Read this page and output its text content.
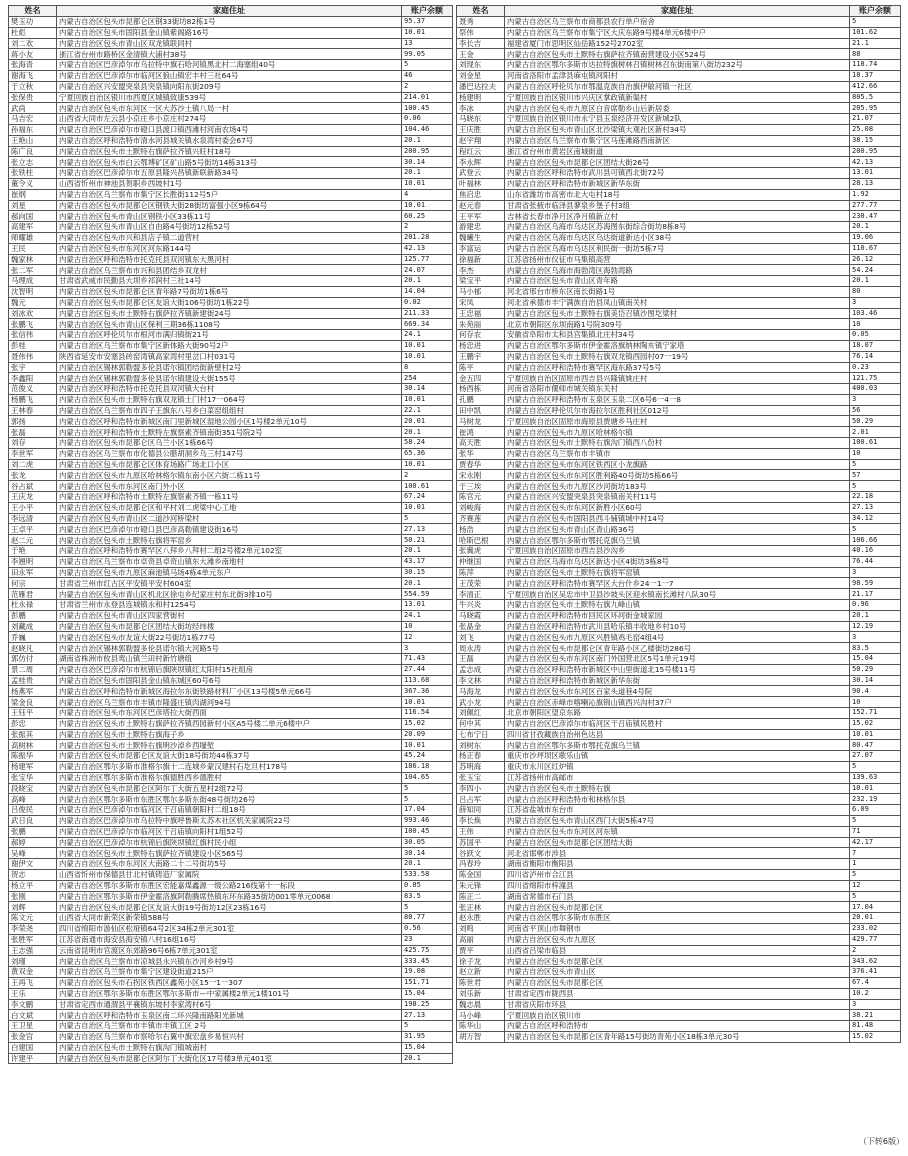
姓名	家庭住址	账户余额
樊玉功	内蒙古自治区包头市昆都仑区钢33街坊82栋1号	95.37
杜彪	内蒙古自治区包头市固阳县金山镇紫阁路16号	10.01
刘二欢	内蒙古自治区包头市青山区双龙镇联同村	13
蒋小友	浙江省台州市路桥区金清镇大浦村38号	99.05
张海青	内蒙古自治区巴彦淖尔市乌拉特中旗石哈河镇黑北村二海塞组40号	5
谢海飞	内蒙古自治区巴彦淖尔市临河区狼山镇宏丰村三社64号	46
于立秋	内蒙古自治区兴安盟突泉县突泉镇向阳东街209号	2
张保贵	宁夏回族自治区银川市西夏区城镇致康539号	214.01
武尚	内蒙古自治区包头市东河区一区大苏沙土镇八局一村	100.45
马吉宏	山西省大同市左云县小京庄乡小京庄村274号	0.06
孙福东	内蒙古自治区巴彦淖尔市磴口县渡口镇西滩村河南农场4号	104.46
王艳山	内蒙古自治区呼和浩特市清水河县城关镇水泉湾村委会67号	20.1
陈广良	内蒙古自治区包头市土默特右旗萨拉齐镇兴旺村18号	200.95
张立志	内蒙古自治区包头市白云鄂博矿区矿山路5号街坊14栋313号	30.14
张铁柱	内蒙古自治区巴彦淖尔市五原县隆兴昌镇新联新路34号	20.1
董令义	山西省忻州市神池县贺职乡西坡村1号	10.01
崔纲	内蒙古自治区乌兰察布市集宁区长胜街112号5户	4
刘星	内蒙古自治区包头市昆都仑区钢铁大街28街坊富强小区9栋64号	10.01
郝向国	内蒙古自治区包头市青山区钢铁小区33栋11号	60.25
高建军	内蒙古自治区包头市青山区自由路4号街坊12栋52号	2
师耀雄	内蒙古自治区包头市兴和县店子镇二道营村	201.28
王民	内蒙古自治区包头市东河区河东路144号	42.13
魏家林	内蒙古自治区呼和浩特市托克托县双河镇东大黑河村	125.77
张二军	内蒙古自治区乌兰察布市兴和县团结乡双龙村	24.07
马理成	甘肃省武威市民勤县大坝乡祁润村三社14号	20.1
沈智明	内蒙古自治区包头市昆都仑区青年路7号街坊1栋6号	14.04
魏元	内蒙古自治区包头市昆都仑区友谊大街106号街坊1栋22号	0.02
刘冰欢	内蒙古自治区包头市土默特右旗萨拉齐镇新建街24号	211.33
张鹏飞	内蒙古自治区包头市青山区保利三期36栋1108号	669.34
张信伟	内蒙古自治区呼伦贝尔市根河市满归镇街21号	24.1
彭桂	内蒙古自治区乌兰察布市集宁区新体路大街90号2户	10.01
聂伟伟	陕西省延安市安塞县砖窑湾镇高家湾村里岔口村031号	10.01
张宇	内蒙古自治区锡林郭勒盟多伦县诺尔镇团结街新壁村2号	8
李鑫阳	内蒙古自治区锡林郭勒盟多伦县诺尔镇建设大街155号	254
范俊义	内蒙古自治区呼和浩特市托克托县双河镇大台村	30.14
杨鹏飞	内蒙古自治区包头市土默特右旗双龙镇土门村17一064号	10.01
王林春	内蒙古自治区乌兰察布市四子王旗东八号乡白菜窑组组村	22.1
郭扬	内蒙古自治区呼和浩特市新城区南门里新城区湿地公园小区1号楼2单元10号	20.01
张磊	内蒙古自治区呼和浩特市土默特左旗察素齐镇南街351号院2号	20.1
刘存	内蒙古自治区包头市昆都仑区乌兰小区1栋66号	58.24
李世军	内蒙古自治区乌兰察布市化德县公腊胡洞乡乌三村147号	65.36
刘二虎	内蒙古自治区包头市昆都仑区体育场路广场北口小区	10.01
张龙	内蒙古自治区包头市九原区哈林格尔镇东南小区六街二栋11号	2
谷占斌	内蒙古自治区包头市东河区南门外小区	100.61
王庆龙	内蒙古自治区呼和浩特市土默特左旗察素齐镇一栋11号	67.24
王小平	内蒙古自治区包头市昆都仑区和平村刘二虎梁中心工地	10.01
李远清	内蒙古自治区包头市青山区二道沙河桥梁村	5
王卓平	内蒙古自治区巴彦淖尔市磴口县巴彦高勒镇建设街16号	27.13
赵二元	内蒙古自治区包头市土默特右旗将军窑乡	50.21
于艳	内蒙古自治区呼和浩特市赛罕区八拜乡八拜村二组2号楼2单元102室	20.1
李翘明	内蒙古自治区乌兰察布市卓资县卓资山镇东大滩乡南地村	43.17
田永军	内蒙古自治区包头市九原区麻池镇马场4栋4单元东户	30.15
何宗	甘肃省兰州市红古区平安镇平安村604室	20.1
范雁君	内蒙古自治区包头市青山区机北区徐屯乡纪家庄村东北街3排10号	554.59
杜永禄	甘肃省兰州市永登县连城镇永和村1254号	13.01
彭鹏	内蒙古自治区包头市青山区四家营街村	24.1
刘藏成	内蒙古自治区包头市昆都仑区团结大街坊经纬楼	10
乔巍	内蒙古自治区包头市友谊大街22号街坊1栋77号	12
赵晓凡	内蒙古自治区锡林郭勒盟多伦县诺尔镇大河路5号	3
郭仿付	湖南省株洲市攸县鸾山镇兰田村新竹塘组	71.43
景二周	内蒙古自治区巴彦淖尔市杭锦后旗陕坝镇红太阳村15社组房	27.44
孟桂贵	内蒙古自治区包头市固阳县金山镇东城区60号6号	113.68
杨燕军	内蒙古自治区呼和浩特市新城区海拉尔东街铁路材料厂小区13号楼5单元66号	367.36
梁金良	内蒙古自治区乌兰察布市丰镇市隆盛庄镇肉湖河94号	10.01
王钰平	内蒙古自治区包头市东河区巴彦塔拉大街西面	116.54
彭忠	内蒙古自治区包头市土默特右旗萨拉齐镇西园新村小区A5号楼二单元6楼中户	15.02
张振其	内蒙古自治区包头市土默特右旗海子乡	20.09
高树林	内蒙古自治区包头市土默特右旗明沙淖乡西壕堑	10.01
陈振华	内蒙古自治区包头市昆都仑区友谊大街18号街坊44栋37号	45.24
杨建军	内蒙古自治区鄂尔多斯市准格尔旗十二连城乡蒙汉建村石圪旦村178号	186.18
张宝华	内蒙古自治区鄂尔多斯市准格尔旗德胜西乡德胜村	104.65
段晓宝	内蒙古自治区包头市昆都仑区阿尔丁大街五星村2组72号	5
高峰	内蒙古自治区鄂尔多斯市东胜区鄂尔多斯东街48号街坊26号	5
吕俊民	内蒙古自治区巴彦淖尔市临河区干召庙镇朝阳村二组18号	17.04
武日良	内蒙古自治区巴彦淖尔市乌拉特中旗呼鲁斯太苏木社区机关家属院22号	993.46
张鹏	内蒙古自治区巴彦淖尔市临河区干召庙镇向阳村1组52号	100.45
郝婷	内蒙古自治区巴彦淖尔市杭锦后旗陕坝镇红旗村民小组	30.05
吴峰	内蒙古自治区包头市土默特右旗萨拉齐镇建设小区565号	30.14
谢伊文	内蒙古自治区包头市东河区大南路二十二号街坊5号	20.1
贺志	山西省忻州市保德县甘北村镇铸造厂家属院	533.58
杨立平	内蒙古自治区鄂尔多斯市东胜区宏能嘉煤鑫源一级公路216线第十一标段	0.05
张刚	内蒙古自治区鄂尔多斯市伊金霍洛旗阿勒腾席热镇东环东路35街坊001零单元0068	83.5
刘辉	内蒙古自治区包头市昆都仑区友谊大街19号街坊12区23栋16号	5
陈文元	山西省大同市新荣区新荣镇588号	80.77
李荣尧	四川省绵阳市游仙区松垭镇64号2区34栋2单元301室	0.56
张胜军	江苏省南通市海安县海安镇八村16组16号	23
王志强	云南省昆明市官渡区东郊路96号6栋7单元301室	425.75
刘瑾	内蒙古自治区乌兰察布市凉城县永兴镇东沙河乡村9号	333.45
黄双金	内蒙古自治区乌兰察布市集宁区建设街道215户	19.08
王再飞	内蒙古自治区包头市石拐区铁西区鑫苑小区15一1一307	151.71
王乐	内蒙古自治区鄂尔多斯市东胜区鄂尔多斯市—中家属楼2单元1楼101号	15.04
李文鹏	甘肃省定西市通渭县平襄镇东坡村李家湾村6号	198.25
白文斌	内蒙古自治区呼和浩特市玉泉区南二环兴隆南路阳光新城	27.13
王卫星	内蒙古自治区乌兰察布市丰镇市丰镇工区 2号	5
张金宫	内蒙古自治区乌兰察布市察哈尔右翼中旗宏盘乡易恒兴村	31.95
白建国	内蒙古自治区包头市土默特右旗沟门镇城南村	15.04
许建平	内蒙古自治区包头市昆都仑区阿尔丁大街化区17号楼3单元401室	20.1
姓名	家庭住址	账户余额
聂秀	内蒙古自治区乌兰察布市商都县农行单户宿舍	5
祭伟	内蒙古自治区乌兰察布市集宁区大庆东路9号楼4单元6楼中户	101.62
李长吉	福建省厦门市思明区仙岳路152号2702室	21.1
王金	内蒙古自治区包头市土默特右旗萨拉齐镇南营建设小区524号	88
刘现东	内蒙古自治区鄂尔多斯市达拉特旗树林召镇树林召东街南第八街坊232号	118.74
刘金星	河南省洛阳市孟津县麻屯镇河阳村	18.37
潘巴达拉夫	内蒙古自治区呼伦贝尔市鄂温克族自治旗伊敏河镇一社区	412.66
杨建明	宁夏回族自治区银川市兴庆区掌政镇新渠村	805.5
李冰	内蒙古自治区包头市九原区白音席勒乡山后新居委	205.95
马晓东	宁夏回族自治区银川市永宁县玉泉经济开发区新城2队	21.07
王庆胜	内蒙古自治区包头市青山区北沙梁镇大观社区新村34号	25.08
赵宇翔	内蒙古自治区乌兰察布市集宁区马莲滩路西南新区	38.15
程红云	浙江省台州市黄岩区南城街道	200.95
李永辉	内蒙古自治区包头市昆都仑区团结大街26号	42.13
武登云	内蒙古自治区呼和浩特市武川县可镇西北街72号	13.01
叶福林	内蒙古自治区呼和浩特市新城区新华东街	28.13
焦启忠	山东省潍坊市高密市北大屯村18号	1.92
赵元春	甘肃省张掖市临泽县蓼泉乡堡子村3组	277.77
王平军	吉林省长春市净月区净月镇新立村	230.47
游建忠	内蒙古自治区乌海市乌达区苏海图东街综合街坊8栋8号	20.1
魏曦生	内蒙古自治区乌海市乌达区乌达街道新达小区38号	19.06
李富运	内蒙古自治区乌海市乌达区利民街一街坊5栋7号	110.67
徐福新	江苏省扬州市仪征市马集镇高营	26.12
李杰	内蒙古自治区乌海市海勃湾区海勃湾路	54.24
梁宝平	内蒙古自治区包头市青山区青年路	20.1
马小郁	河北省邢台市桥东区南长街路1号	80
宋凤	河北省承德市丰宁满族自治县凤山镇南关村	3
王忠福	内蒙古自治区包头市土默特右旗美岱召镇沙图圪梁村	103.46
朱苑丽	北京市朝阳区东坝南路1号院309号	10
何存农	安徽省阜阳市太和县宫集镇北庄村34号	0.05
杨忠进	内蒙古自治区鄂尔多斯市伊金霍洛旗纳林陶亥镇宁家塔	18.07
王鹏宇	内蒙古自治区包头市土默特右旗双龙镇西园村07一19号	76.14
陈平	内蒙古自治区呼和浩特市赛罕区海东路37号5号	0.23
金五四	宁夏回族自治区固原市西吉县兴隆镇姚庄村	121.75
杨西栋	河南省洛阳市偃师市城关镇东关村	400.03
孔鹏	内蒙古自治区呼和浩特市玉泉区玉泉二区6号6一4一8	3
田中凯	内蒙古自治区呼伦贝尔市海拉尔区胜利社区012号	56
马树龙	宁夏回族自治区固原市海原县贾塘乡马庄村	50.29
崔鸿	内蒙古自治区包头市九原区哈林格尔镇	2.01
高天胜	内蒙古自治区包头市土默特右旗沟门镇西八份村	100.61
张华	内蒙古自治区乌兰察布市丰镇市	10
贾春华	内蒙古自治区包头市东河区铁西区小龙旗路	5
宋永刚	内蒙古自治区包头市东河区胜利路40号街坊5栋66号	57
于三埃	内蒙古自治区包头市九原区沙河街坊183号	5
陈官元	内蒙古自治区兴安盟突泉县突泉镇南关村11号	22.18
刘峻海	内蒙古自治区包头市东河区新胜小区60号	27.13
齐赛莲	内蒙古自治区包头市固阳县西斗铺镇城中村14号	34.12
杨浩	内蒙古自治区包头市青山区青山路36号	5
哈斯巴根	内蒙古自治区鄂尔多斯市鄂托克旗乌兰镇	106.66
张冀虎	宁夏回族自治区固原市西吉县沙沟乡	40.16
仲继国	内蒙古自治区乌海市乌达区新达小区4街坊3栋8号	76.44
陈萍	内蒙古自治区包头市土默特右旗将军窑镇	3
王茂荣	内蒙古自治区呼和浩特市赛罕区大台什乡24一1一7	98.59
李清正	宁夏回族自治区吴忠市中卫县沙坡头区迎水镇南长滩村八队30号	21.17
牛兴炎	内蒙古自治区包头市土默特右旗九峰山镇	0.96
马晓霞	内蒙古自治区呼和浩特市回民区环河街金城家园	20.1
张晶金	内蒙古自治区呼和浩特市武川县哈乐镇丰收地乡村10号	12.19
刘飞	内蒙古自治区包头市九原区兴胜镇鸡毛窑4组4号	3
周永涛	内蒙古自治区包头市昆都仑区青年路小区乙楼街坊286号	83.5
王磊	内蒙古自治区包头市东河区南门外国营北区5号1单元19号	15.04
孟志成	内蒙古自治区呼和浩特市新城区中山里街道北15号楼11号	50.29
李文林	内蒙古自治区呼和浩特市新城区新华东街	30.14
马海龙	内蒙古自治区包头市东河区百家头道巷4号院	90.4
武小龙	内蒙古自治区赤峰市喀喇沁旗锦山镇西兴沟村37户	10
刘佩红	北京市朝阳区望京东路	152.71
何中其	内蒙古自治区巴彦淖尔市临河区干召庙镇民胜村	15.02
七布宁日	四川省甘孜藏族自治州色达县	10.01
刘树东	内蒙古自治区鄂尔多斯市鄂托克旗乌兰镇	80.47
杨正春	重庆市沙坪坝区歌乐山镇	27.07
苏明海	重庆市永川区红炉镇	5
张玉宝	江苏省扬州市高邮市	139.63
李四小	内蒙古自治区包头市土默特右旗	10.01
吕占军	内蒙古自治区呼和浩特市和林格尔县	232.19
薛知同	江苏省盐城市东台市	6.09
李长焕	内蒙古自治区包头市青山区西门大街5栋47号	5
王伟	内蒙古自治区包头市东河区河东镇	71
苏国平	内蒙古自治区包头市昆都仑区团结大街	42.17
谷跃文	河北省邯郸市涉县	7
冯春玲	湖南省衡阳市衡阳县	1
陈金国	四川省泸州市合江县	5
朱元锋	四川省绵阳市梓潼县	12
陈正二	湖南省常德市石门县	5
张正林	内蒙古自治区包头市昆都仑区	17.04
赵永胜	内蒙古自治区鄂尔多斯市东胜区	20.01
刘鸣	河南省平顶山市舞钢市	233.02
高丽	内蒙古自治区包头市九原区	429.77
贾平	山西省吕梁市临县	2
徐子龙	内蒙古自治区包头市昆都仑区	343.62
赵立新	内蒙古自治区包头市青山区	376.41
陈世君	内蒙古自治区包头市昆都仑区	67.4
刘乐新	甘肃省定西市陇西县	10.2
魏志晨	甘肃省庆阳市环县	3
马小峰	宁夏回族自治区银川市	38.21
陈华山	内蒙古自治区呼和浩特市	81.48
胡万智	内蒙古自治区包头市昆都仑区青年路15号街坊青苑小区18栋3单元30号	15.02
（下转6版）
